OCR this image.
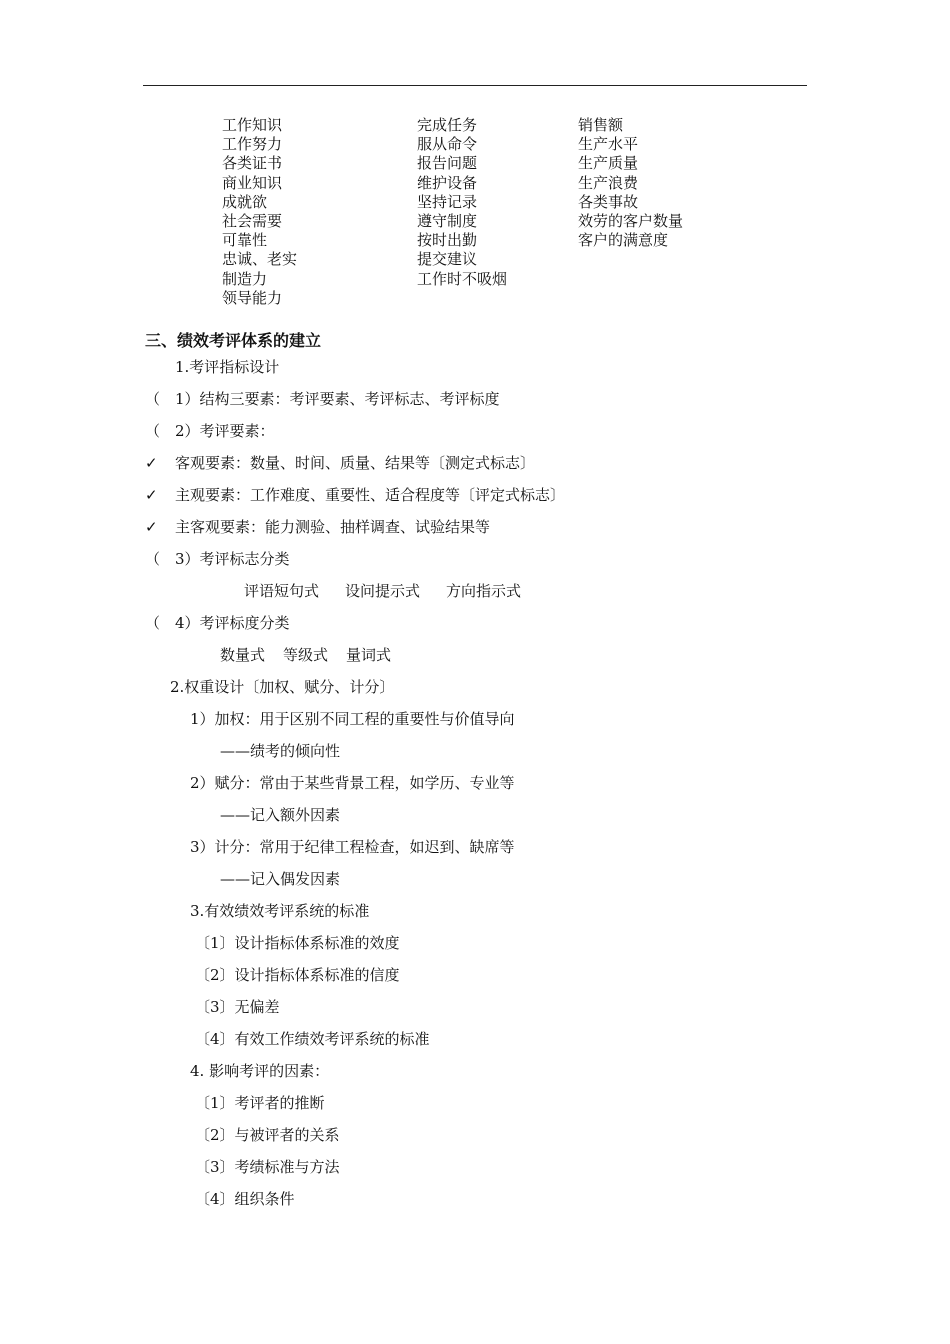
工作知识
工作努力
各类证书
商业知识
成就欲
社会需要
可靠性
忠诚、老实
制造力
领导能力
完成任务
服从命令
报告问题
维护设备
坚持记录
遵守制度
按时出勤
提交建议
工作时不吸烟
销售额
生产水平
生产质量
生产浪费
各类事故
效劳的客户数量
客户的满意度
三、绩效考评体系的建立
1.考评指标设计
（　1）结构三要素：考评要素、考评标志、考评标度
（　2）考评要素：
✓ 客观要素：数量、时间、质量、结果等〔测定式标志〕
✓ 主观要素：工作难度、重要性、适合程度等〔评定式标志〕
✓ 主客观要素：能力测验、抽样调查、试验结果等
（　3）考评标志分类
评语短句式 设问提示式 方向指示式
（　4）考评标度分类
数量式 等级式 量词式
2.权重设计〔加权、赋分、计分〕
1）加权：用于区别不同工程的重要性与价值导向
——绩考的倾向性
2）赋分：常由于某些背景工程，如学历、专业等
——记入额外因素
3）计分：常用于纪律工程检查，如迟到、缺席等
——记入偶发因素
3.有效绩效考评系统的标准
〔1〕设计指标体系标准的效度
〔2〕设计指标体系标准的信度
〔3〕无偏差
〔4〕有效工作绩效考评系统的标准
4. 影响考评的因素：
〔1〕考评者的推断
〔2〕与被评者的关系
〔3〕考绩标准与方法
〔4〕组织条件
